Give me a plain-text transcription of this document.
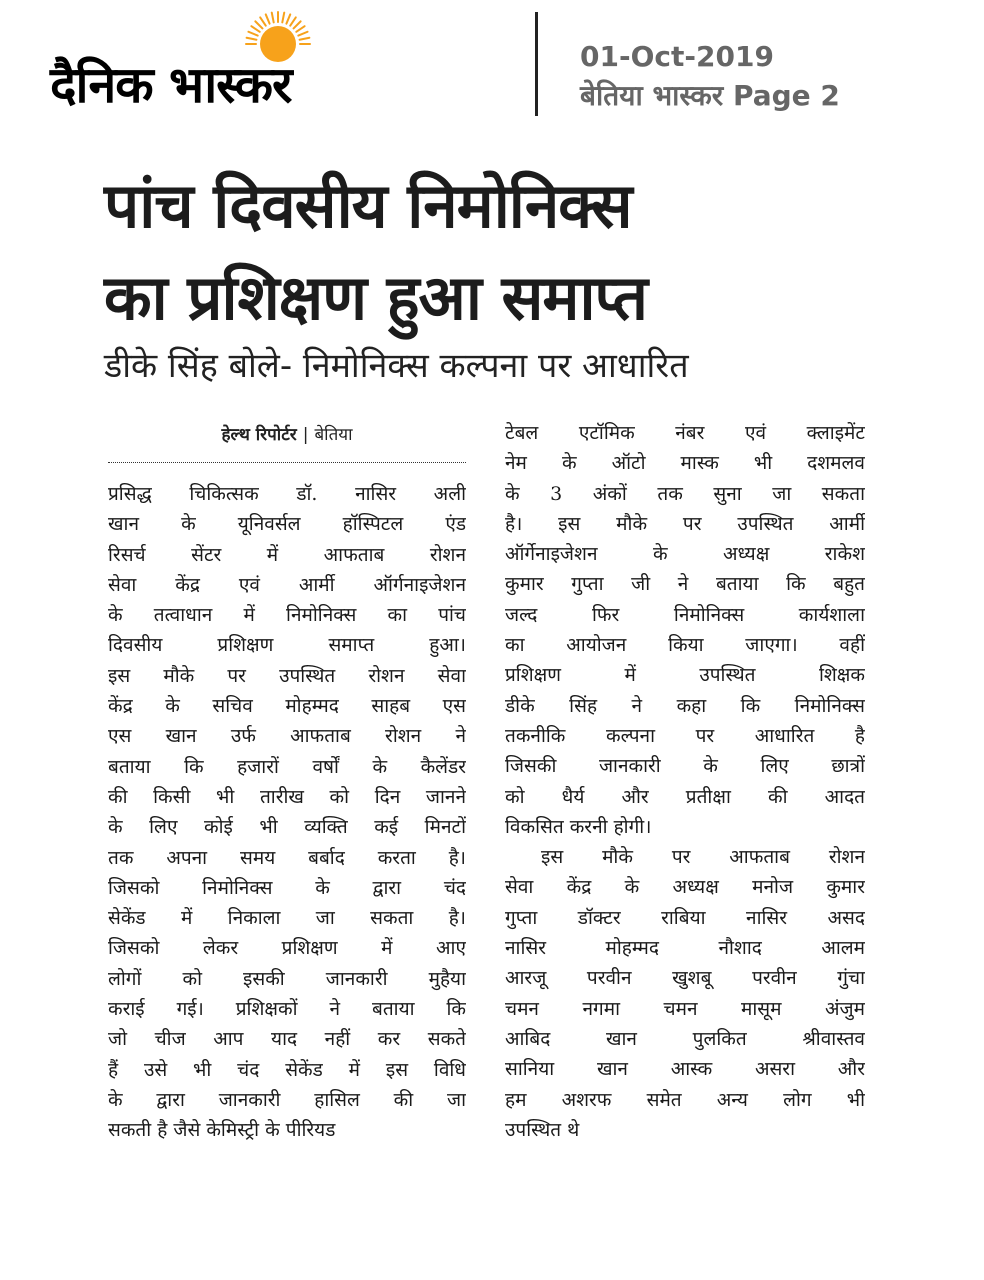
दैनिक भास्कर	01-Oct-2019
बेतिया भास्कर Page 2
पांच दिवसीय निमोनिक्स
का प्रशिक्षण हुआ समाप्त
डीके सिंह बोले- निमोनिक्स कल्पना पर आधारित
हेल्थ रिपोर्टर | बेतिया
प्रसिद्ध चिकित्सक डॉ. नासिर अली
खान के यूनिवर्सल हॉस्पिटल एंड
रिसर्च सेंटर में आफताब रोशन
सेवा केंद्र एवं आर्मी ऑर्गनाइजेशन
के तत्वाधान में निमोनिक्स का पांच
दिवसीय प्रशिक्षण समाप्त हुआ।
इस मौके पर उपस्थित रोशन सेवा
केंद्र के सचिव मोहम्मद साहब एस
एस खान उर्फ आफताब रोशन ने
बताया कि हजारों वर्षों के कैलेंडर
की किसी भी तारीख को दिन जानने
के लिए कोई भी व्यक्ति कई मिनटों
तक अपना समय बर्बाद करता है।
जिसको निमोनिक्स के द्वारा चंद
सेकेंड में निकाला जा सकता है।
जिसको लेकर प्रशिक्षण में आए
लोगों को इसकी जानकारी मुहैया
कराई गई। प्रशिक्षकों ने बताया कि
जो चीज आप याद नहीं कर सकते
हैं उसे भी चंद सेकेंड में इस विधि
के द्वारा जानकारी हासिल की जा
सकती है जैसे केमिस्ट्री के पीरियड
टेबल एटॉमिक नंबर एवं क्लाइमेंट
नेम के ऑटो मास्क भी दशमलव
के 3 अंकों तक सुना जा सकता
है। इस मौके पर उपस्थित आर्मी
ऑर्गेनाइजेशन के अध्यक्ष राकेश
कुमार गुप्ता जी ने बताया कि बहुत
जल्द फिर निमोनिक्स कार्यशाला
का आयोजन किया जाएगा। वहीं
प्रशिक्षण में उपस्थित शिक्षक
डीके सिंह ने कहा कि निमोनिक्स
तकनीकि कल्पना पर आधारित है
जिसकी जानकारी के लिए छात्रों
को धैर्य और प्रतीक्षा की आदत
विकसित करनी होगी।
इस मौके पर आफताब रोशन
सेवा केंद्र के अध्यक्ष मनोज कुमार
गुप्ता डॉक्टर राबिया नासिर असद
नासिर मोहम्मद नौशाद आलम
आरजू परवीन खुशबू परवीन गुंचा
चमन नगमा चमन मासूम अंजुम
आबिद खान पुलकित श्रीवास्तव
सानिया खान आस्क असरा और
हम अशरफ समेत अन्य लोग भी
उपस्थित थे
